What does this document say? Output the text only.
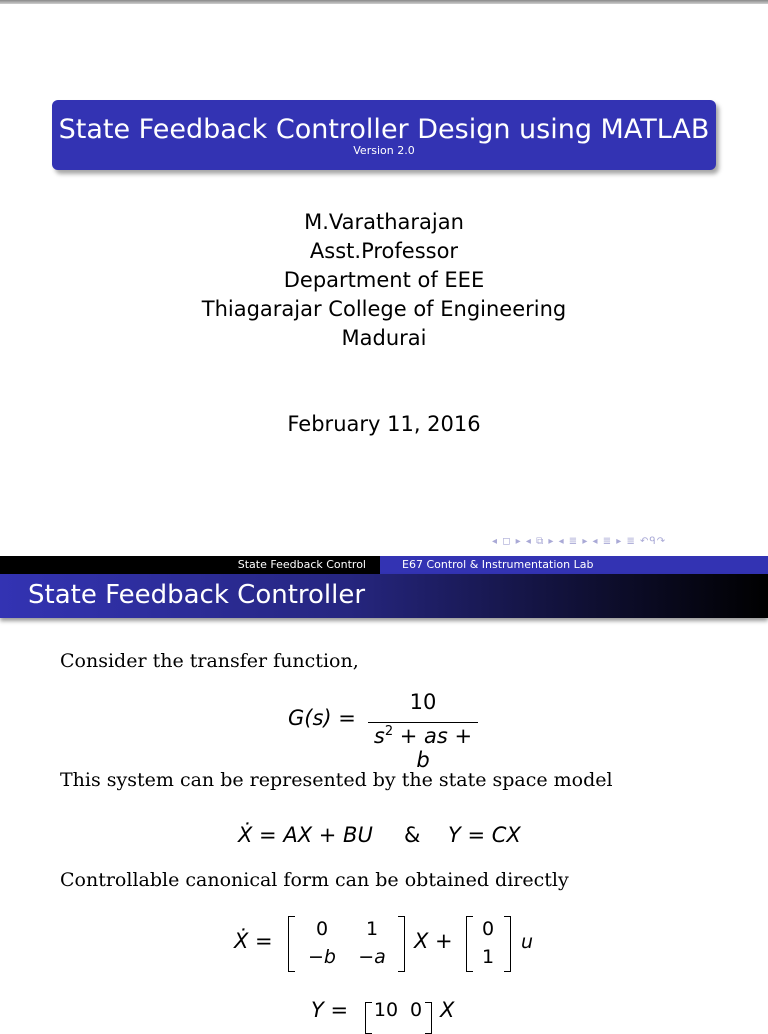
State Feedback Controller Design using MATLAB
Version 2.0
M.Varatharajan
Asst.Professor
Department of EEE
Thiagarajar College of Engineering
Madurai
February 11, 2016
◂ ◻ ▸ ◂ ⧉ ▸ ◂ ≣ ▸ ◂ ≣ ▸ ≣ ↶ᑫ↷
State Feedback Control	E67 Control & Instrumentation Lab
State Feedback Controller
Consider the transfer function,
G(s) =
10
$s^2$ + as + b
This system can be represented by the state space model
Ẋ = AX + BU & Y = CX
Controllable canonical form can be obtained directly
Ẋ =	0	1
−b	−a
X +	0
1
u
Y = 10 0 X
